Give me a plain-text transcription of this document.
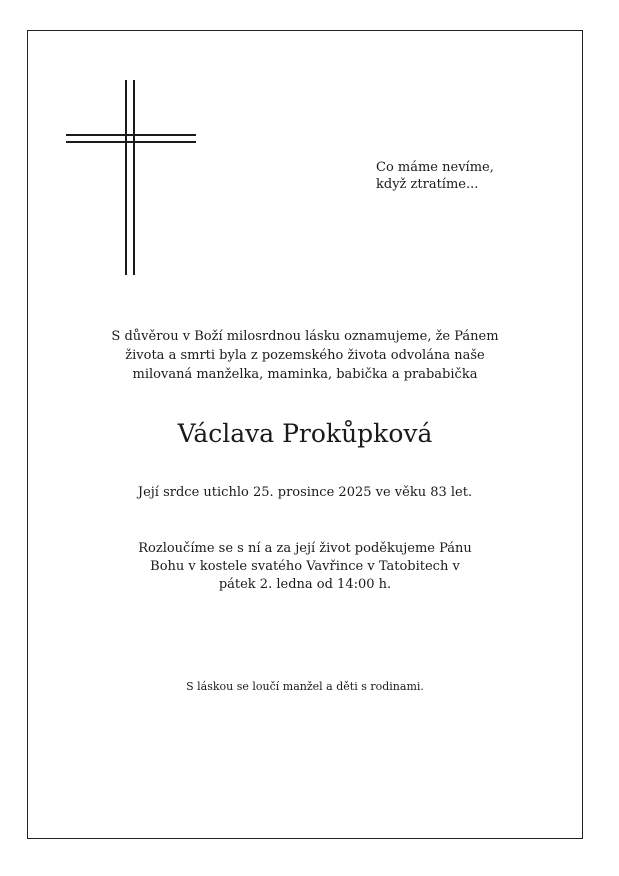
Co máme nevíme,
když ztratíme...
S důvěrou v Boží milosrdnou lásku oznamujeme, že Pánem
života a smrti byla z pozemského života odvolána naše
milovaná manželka, maminka, babička a prababička
Václava Prokůpková
Její srdce utichlo 25. prosince 2025 ve věku 83 let.
Rozloučíme se s ní a za její život poděkujeme Pánu
Bohu v kostele svatého Vavřince v Tatobitech v
pátek 2. ledna od 14:00 h.
S láskou se loučí manžel a děti s rodinami.
